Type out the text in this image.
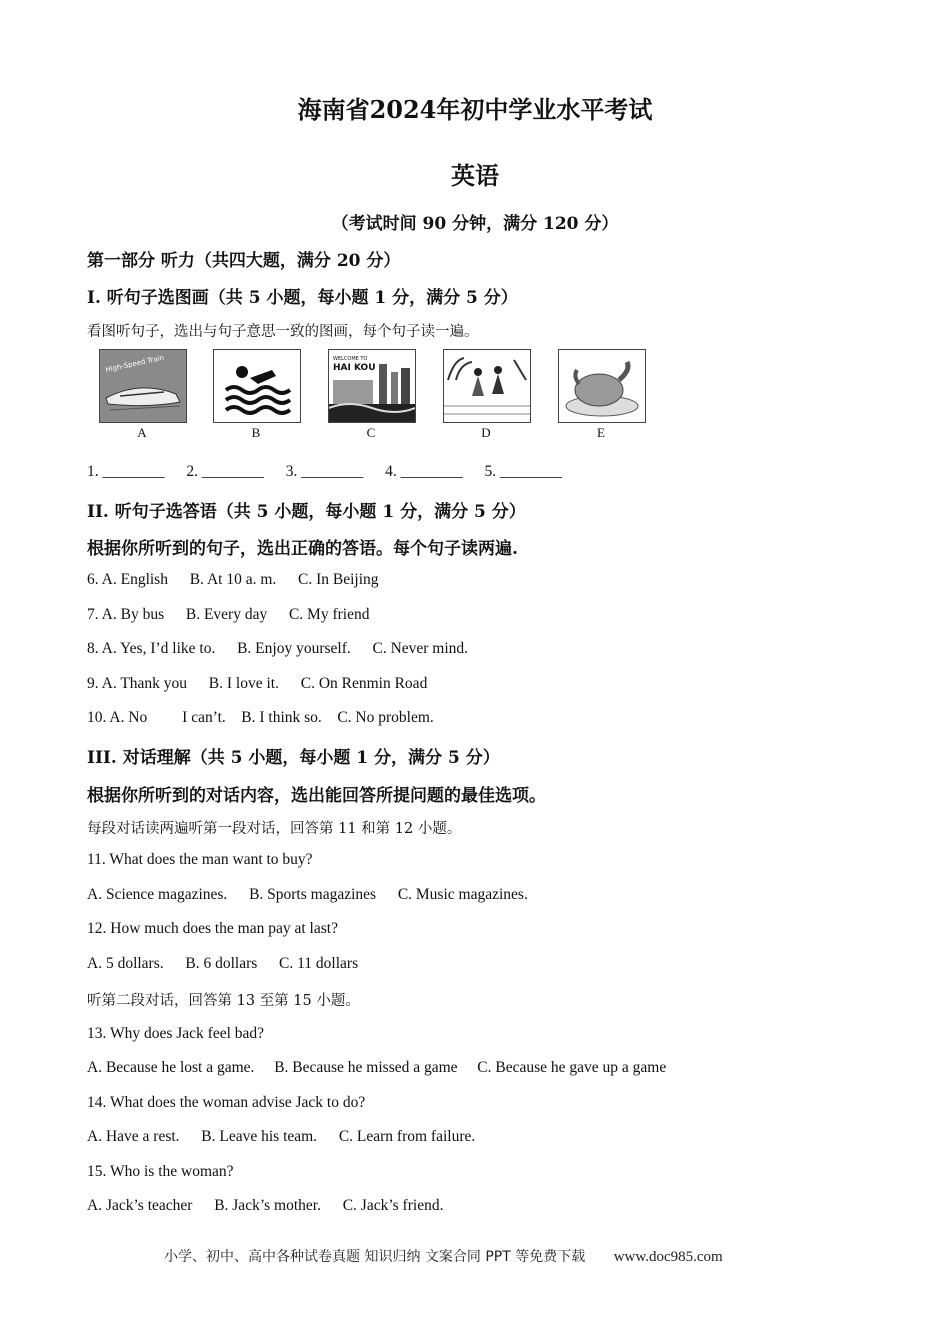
海南省2024年初中学业水平考试
英语
（考试时间 90 分钟，满分 120 分）
第一部分 听力（共四大题，满分 20 分）
I. 听句子选图画（共 5 小题，每小题 1 分，满分 5 分）
看图听句子，选出与句子意思一致的图画，每个句子读一遍。
High-Speed Train
A	B
WELCOME TO
HAI KOU
C	D	E
1. ________ 2. ________ 3. ________ 4. ________ 5. ________
II. 听句子选答语（共 5 小题，每小题 1 分，满分 5 分）
根据你所听到的句子，选出正确的答语。每个句子读两遍.
6. A. English B. At 10 a. m. C. In Beijing
7. A. By bus B. Every day C. My friend
8. A. Yes, I’d like to. B. Enjoy yourself. C. Never mind.
9. A. Thank you B. I love it. C. On Renmin Road
10. A. No         I can’t. B. I think so. C. No problem.
III. 对话理解（共 5 小题，每小题 1 分，满分 5 分）
根据你所听到的对话内容，选出能回答所提问题的最佳选项。
每段对话读两遍听第一段对话，回答第 11 和第 12 小题。
11. What does the man want to buy?
A. Science magazines. B. Sports magazines C. Music magazines.
12. How much does the man pay at last?
A. 5 dollars. B. 6 dollars C. 11 dollars
听第二段对话，回答第 13 至第 15 小题。
13. Why does Jack feel bad?
A. Because he lost a game. B. Because he missed a game C. Because he gave up a game
14. What does the woman advise Jack to do?
A. Have a rest. B. Leave his team. C. Learn from failure.
15. Who is the woman?
A. Jack’s teacher B. Jack’s mother. C. Jack’s friend.
小学、初中、高中各种试卷真题 知识归纳 文案合同 PPT 等免费下载 www.doc985.com
